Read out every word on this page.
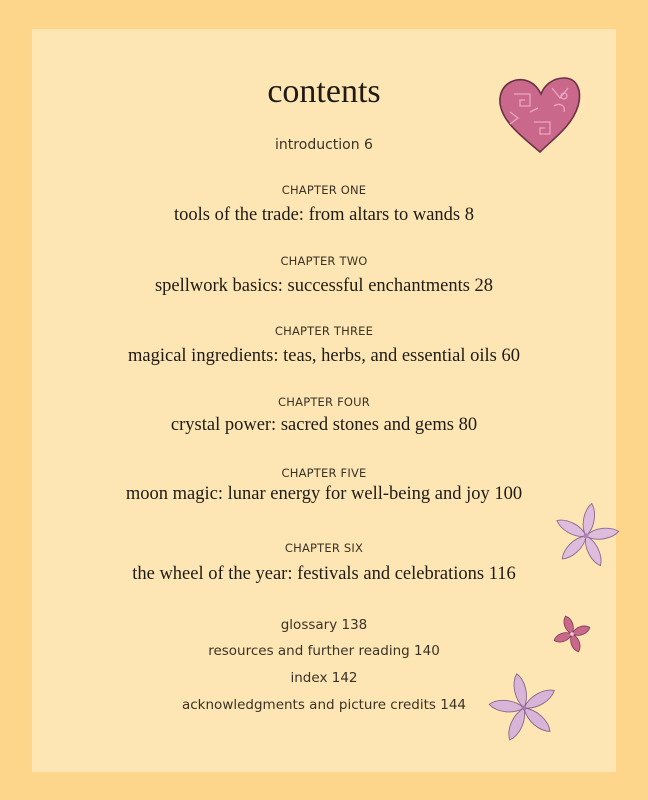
contents
introduction 6
CHAPTER ONE
tools of the trade: from altars to wands 8
CHAPTER TWO
spellwork basics: successful enchantments 28
CHAPTER THREE
magical ingredients: teas, herbs, and essential oils 60
CHAPTER FOUR
crystal power: sacred stones and gems 80
CHAPTER FIVE
moon magic: lunar energy for well-being and joy 100
CHAPTER SIX
the wheel of the year: festivals and celebrations 116
glossary 138
resources and further reading 140
index 142
acknowledgments and picture credits 144
